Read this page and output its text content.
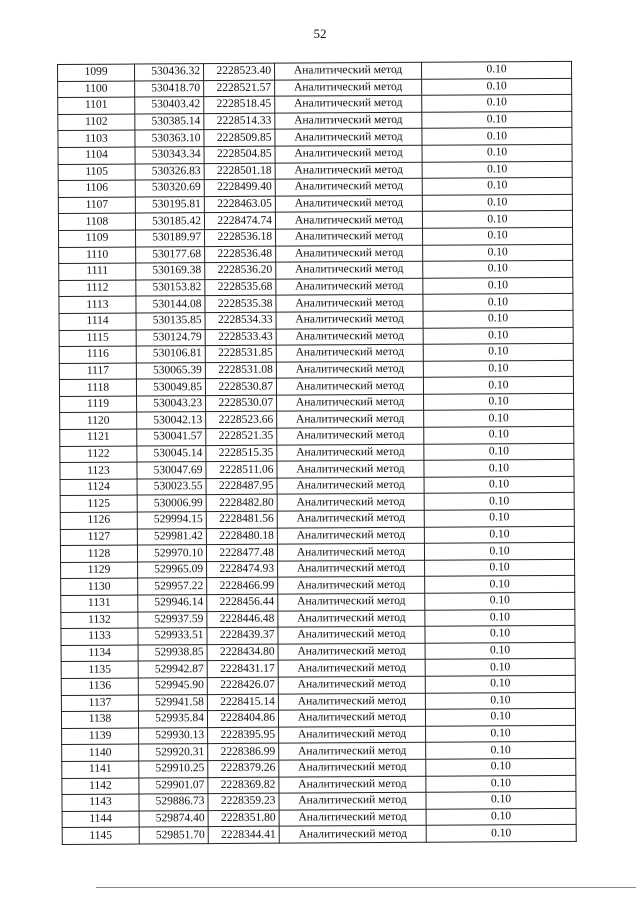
52
1099	530436.32	2228523.40	Аналитический метод	0.10
1100	530418.70	2228521.57	Аналитический метод	0.10
1101	530403.42	2228518.45	Аналитический метод	0.10
1102	530385.14	2228514.33	Аналитический метод	0.10
1103	530363.10	2228509.85	Аналитический метод	0.10
1104	530343.34	2228504.85	Аналитический метод	0.10
1105	530326.83	2228501.18	Аналитический метод	0.10
1106	530320.69	2228499.40	Аналитический метод	0.10
1107	530195.81	2228463.05	Аналитический метод	0.10
1108	530185.42	2228474.74	Аналитический метод	0.10
1109	530189.97	2228536.18	Аналитический метод	0.10
1110	530177.68	2228536.48	Аналитический метод	0.10
1111	530169.38	2228536.20	Аналитический метод	0.10
1112	530153.82	2228535.68	Аналитический метод	0.10
1113	530144.08	2228535.38	Аналитический метод	0.10
1114	530135.85	2228534.33	Аналитический метод	0.10
1115	530124.79	2228533.43	Аналитический метод	0.10
1116	530106.81	2228531.85	Аналитический метод	0.10
1117	530065.39	2228531.08	Аналитический метод	0.10
1118	530049.85	2228530.87	Аналитический метод	0.10
1119	530043.23	2228530.07	Аналитический метод	0.10
1120	530042.13	2228523.66	Аналитический метод	0.10
1121	530041.57	2228521.35	Аналитический метод	0.10
1122	530045.14	2228515.35	Аналитический метод	0.10
1123	530047.69	2228511.06	Аналитический метод	0.10
1124	530023.55	2228487.95	Аналитический метод	0.10
1125	530006.99	2228482.80	Аналитический метод	0.10
1126	529994.15	2228481.56	Аналитический метод	0.10
1127	529981.42	2228480.18	Аналитический метод	0.10
1128	529970.10	2228477.48	Аналитический метод	0.10
1129	529965.09	2228474.93	Аналитический метод	0.10
1130	529957.22	2228466.99	Аналитический метод	0.10
1131	529946.14	2228456.44	Аналитический метод	0.10
1132	529937.59	2228446.48	Аналитический метод	0.10
1133	529933.51	2228439.37	Аналитический метод	0.10
1134	529938.85	2228434.80	Аналитический метод	0.10
1135	529942.87	2228431.17	Аналитический метод	0.10
1136	529945.90	2228426.07	Аналитический метод	0.10
1137	529941.58	2228415.14	Аналитический метод	0.10
1138	529935.84	2228404.86	Аналитический метод	0.10
1139	529930.13	2228395.95	Аналитический метод	0.10
1140	529920.31	2228386.99	Аналитический метод	0.10
1141	529910.25	2228379.26	Аналитический метод	0.10
1142	529901.07	2228369.82	Аналитический метод	0.10
1143	529886.73	2228359.23	Аналитический метод	0.10
1144	529874.40	2228351.80	Аналитический метод	0.10
1145	529851.70	2228344.41	Аналитический метод	0.10
